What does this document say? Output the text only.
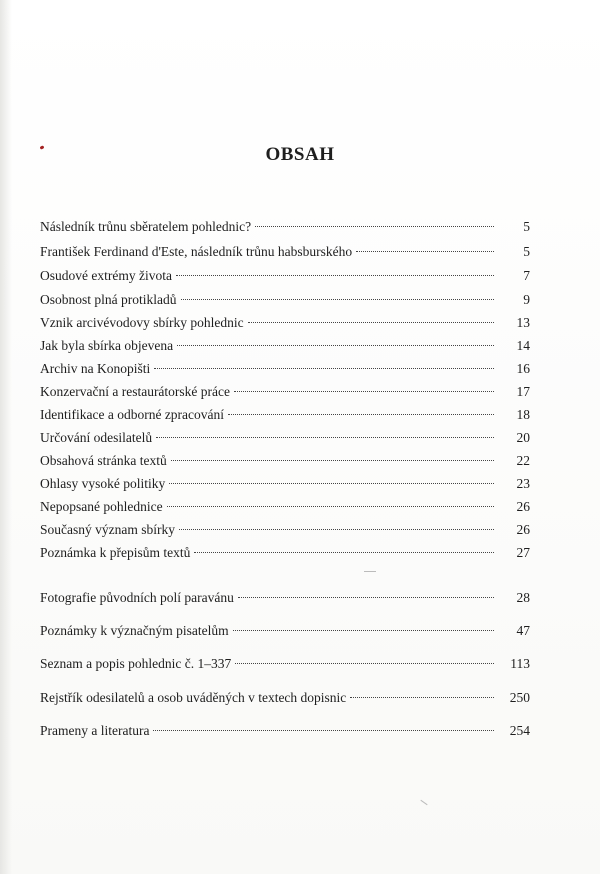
OBSAH
Následník trůnu sběratelem pohlednic?	5
František Ferdinand d'Este, následník trůnu habsburského	5
Osudové extrémy života	7
Osobnost plná protikladů	9
Vznik arcivévodovy sbírky pohlednic	13
Jak byla sbírka objevena	14
Archiv na Konopišti	16
Konzervační a restaurátorské práce	17
Identifikace a odborné zpracování	18
Určování odesilatelů	20
Obsahová stránka textů	22
Ohlasy vysoké politiky	23
Nepopsané pohlednice	26
Současný význam sbírky	26
Poznámka k přepisům textů	27
Fotografie původních polí paravánu	28
Poznámky k význačným pisatelům	47
Seznam a popis pohlednic č. 1–337	113
Rejstřík odesilatelů a osob uváděných v textech dopisnic	250
Prameny a literatura	254
